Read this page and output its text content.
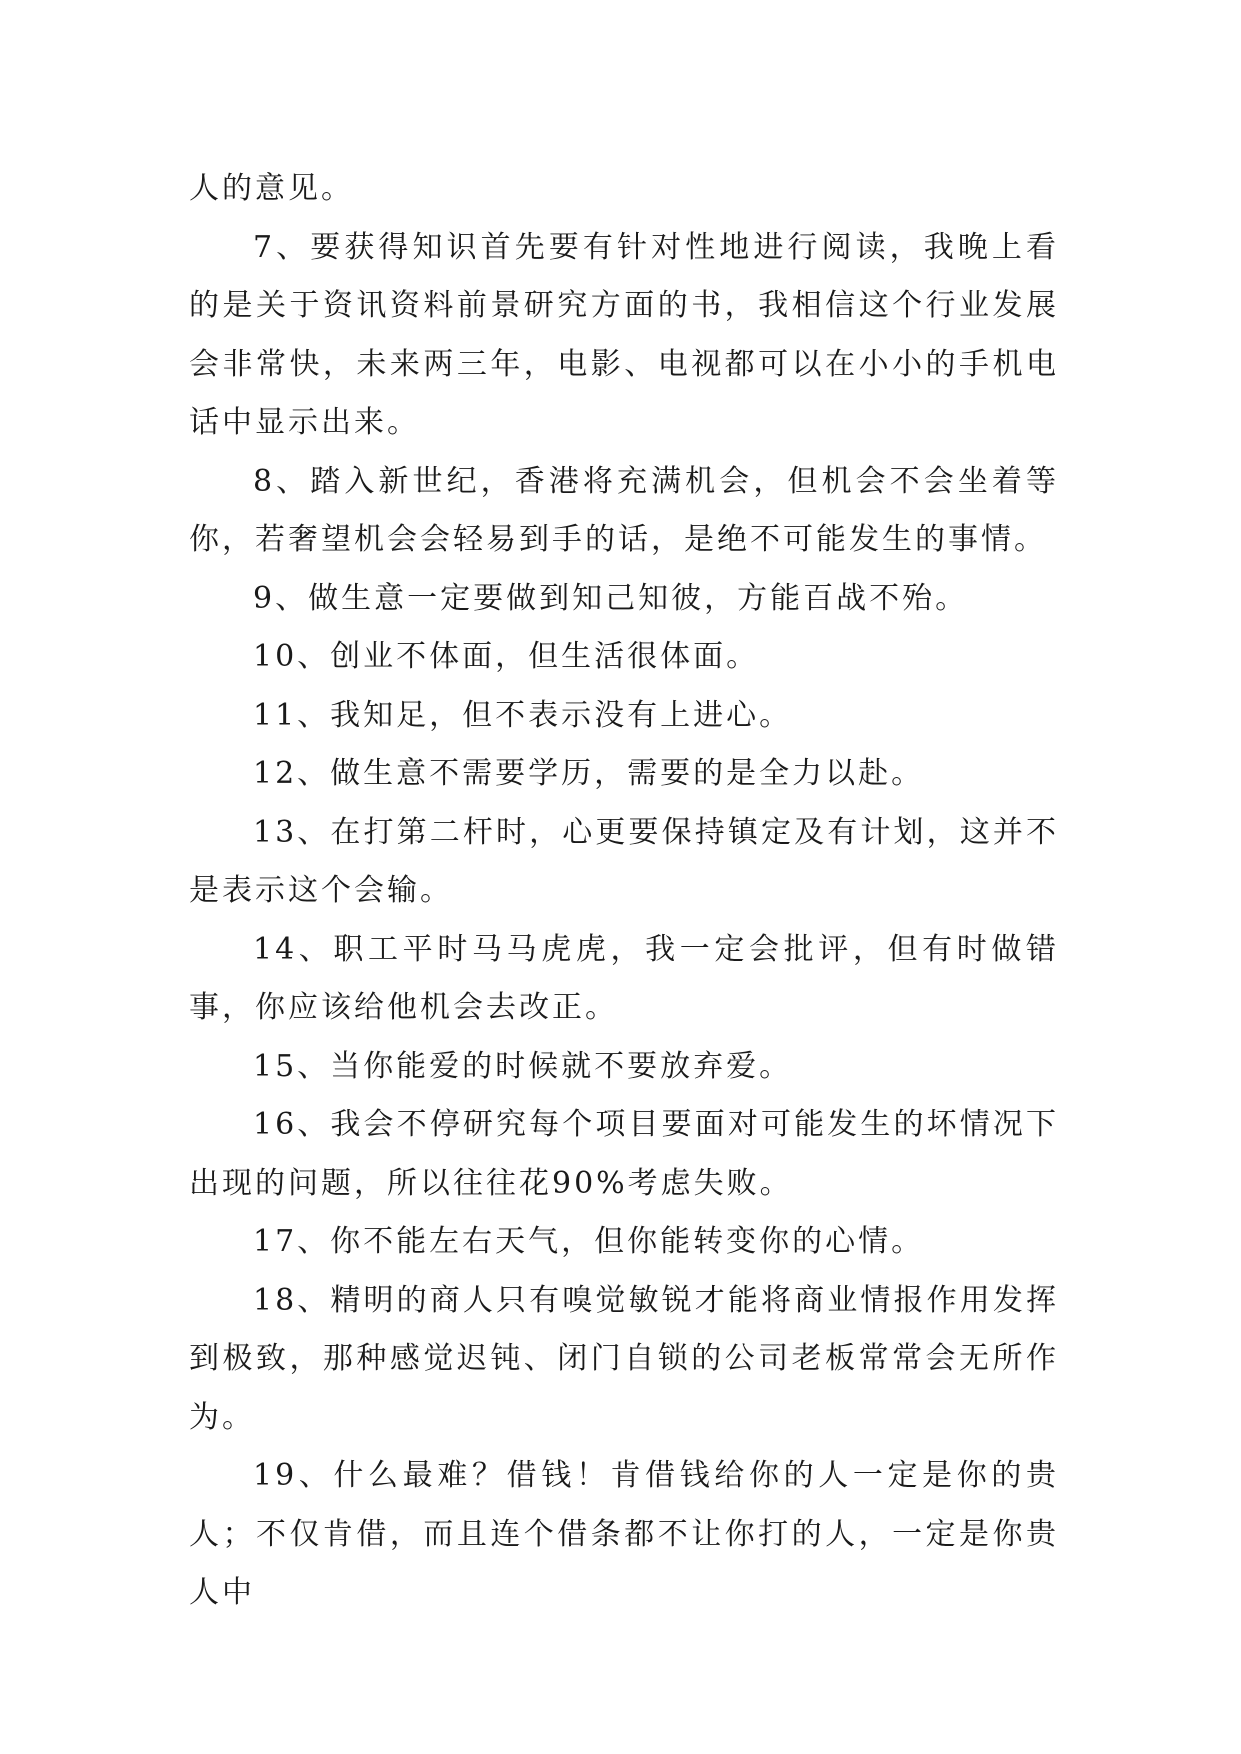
人的意见。

7、要获得知识首先要有针对性地进行阅读，我晚上看的是关于资讯资料前景研究方面的书，我相信这个行业发展会非常快，未来两三年，电影、电视都可以在小小的手机电话中显示出来。

8、踏入新世纪，香港将充满机会，但机会不会坐着等你，若奢望机会会轻易到手的话，是绝不可能发生的事情。

9、做生意一定要做到知己知彼，方能百战不殆。

10、创业不体面，但生活很体面。

11、我知足，但不表示没有上进心。

12、做生意不需要学历，需要的是全力以赴。

13、在打第二杆时，心更要保持镇定及有计划，这并不是表示这个会输。

14、职工平时马马虎虎，我一定会批评，但有时做错事，你应该给他机会去改正。

15、当你能爱的时候就不要放弃爱。

16、我会不停研究每个项目要面对可能发生的坏情况下出现的问题，所以往往花90%考虑失败。

17、你不能左右天气，但你能转变你的心情。

18、精明的商人只有嗅觉敏锐才能将商业情报作用发挥到极致，那种感觉迟钝、闭门自锁的公司老板常常会无所作为。

19、什么最难？借钱！肯借钱给你的人一定是你的贵人；不仅肯借，而且连个借条都不让你打的人，一定是你贵人中
